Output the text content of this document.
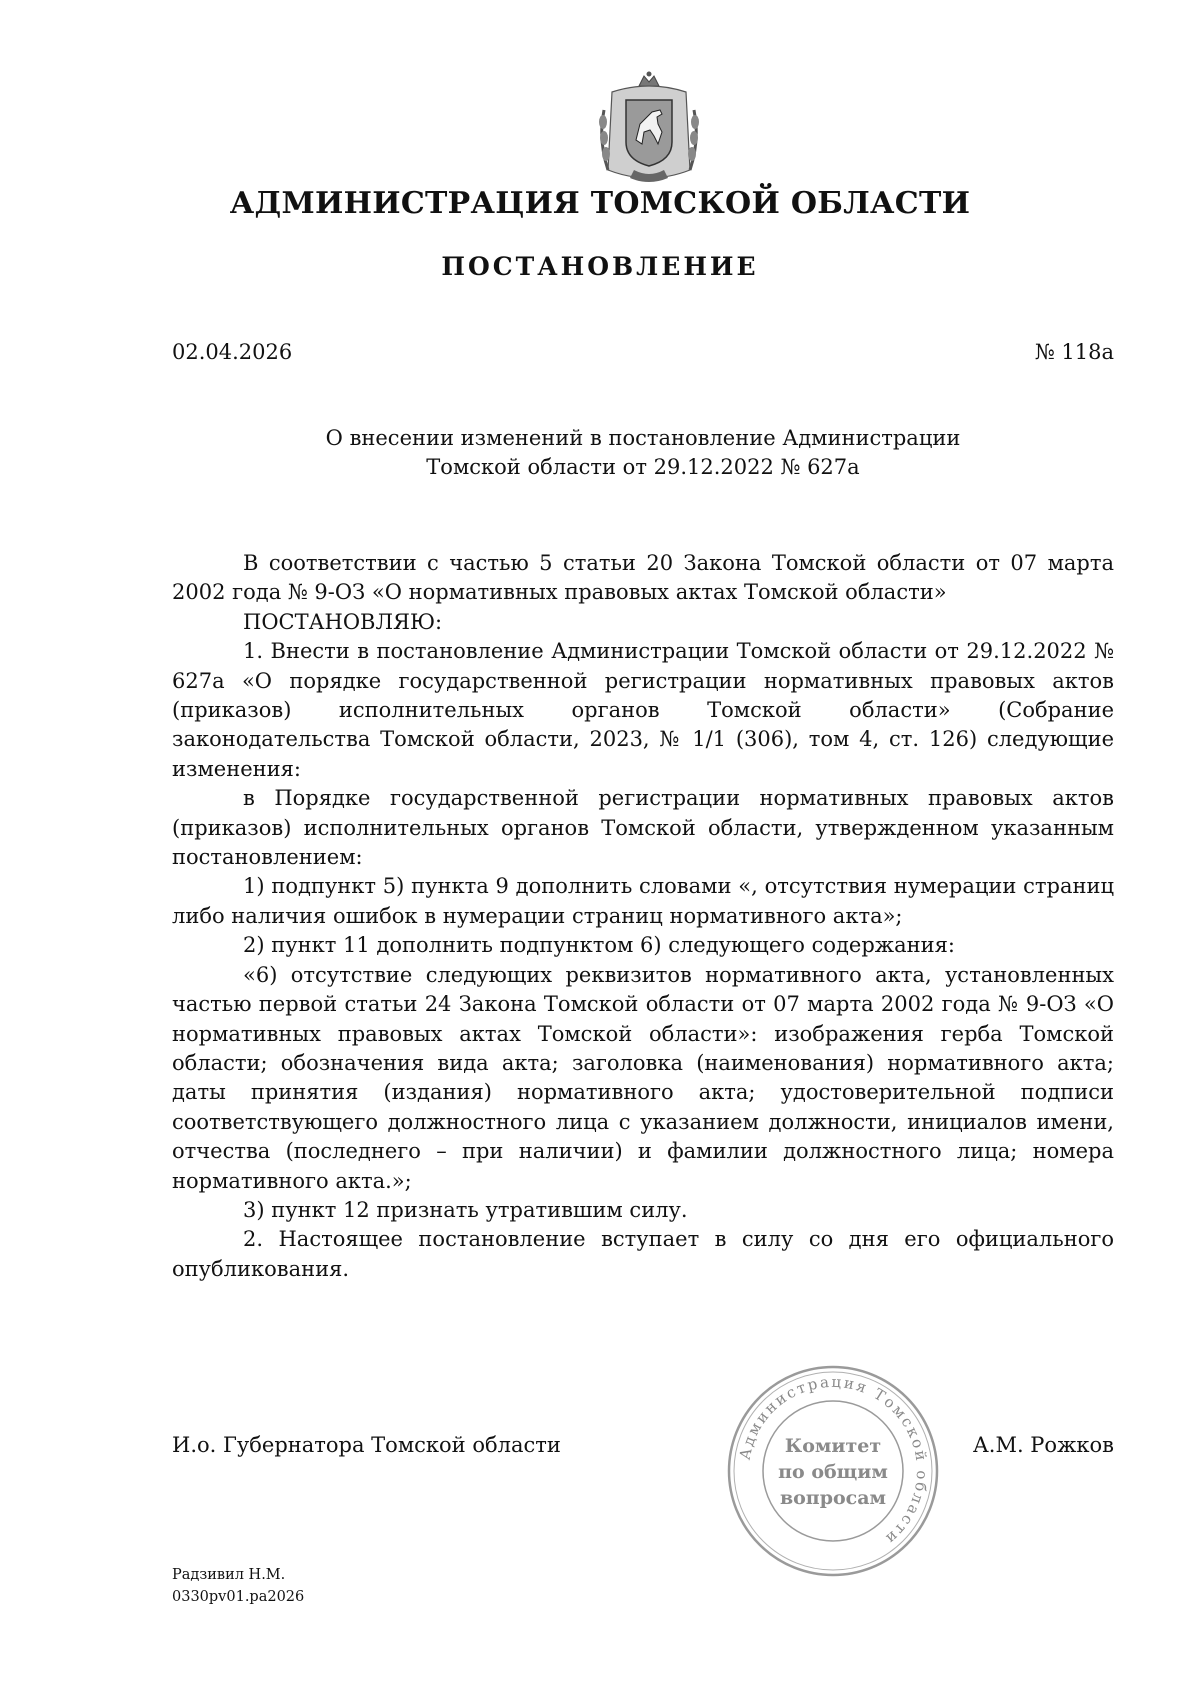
АДМИНИСТРАЦИЯ ТОМСКОЙ ОБЛАСТИ
ПОСТАНОВЛЕНИЕ
02.04.2026	№ 118а
О внесении изменений в постановление Администрации
Томской области от 29.12.2022 № 627а

В соответствии с частью 5 статьи 20 Закона Томской области от 07 марта 2002 года № 9-ОЗ «О нормативных правовых актах Томской области»

ПОСТАНОВЛЯЮ:

1. Внести в постановление Администрации Томской области от 29.12.2022 № 627а «О порядке государственной регистрации нормативных правовых актов (приказов) исполнительных органов Томской области» (Собрание законодательства Томской области, 2023, № 1/1 (306), том 4, ст. 126) следующие изменения:

в Порядке государственной регистрации нормативных правовых актов (приказов) исполнительных органов Томской области, утвержденном указанным постановлением:

1) подпункт 5) пункта 9 дополнить словами «, отсутствия нумерации страниц либо наличия ошибок в нумерации страниц нормативного акта»;

2) пункт 11 дополнить подпунктом 6) следующего содержания:

«6) отсутствие следующих реквизитов нормативного акта, установленных частью первой статьи 24 Закона Томской области от 07 марта 2002 года № 9-ОЗ «О нормативных правовых актах Томской области»: изображения герба Томской области; обозначения вида акта; заголовка (наименования) нормативного акта; даты принятия (издания) нормативного акта; удостоверительной подписи соответствующего должностного лица с указанием должности, инициалов имени, отчества (последнего – при наличии) и фамилии должностного лица; номера нормативного акта.»;

3) пункт 12 признать утратившим силу.

2. Настоящее постановление вступает в силу со дня его официального опубликования.

И.о. Губернатора Томской области	Администрация Томской области
Комитет
по общим
вопросам
А.М. Рожков
Радзивил Н.М.
0330pv01.pa2026
